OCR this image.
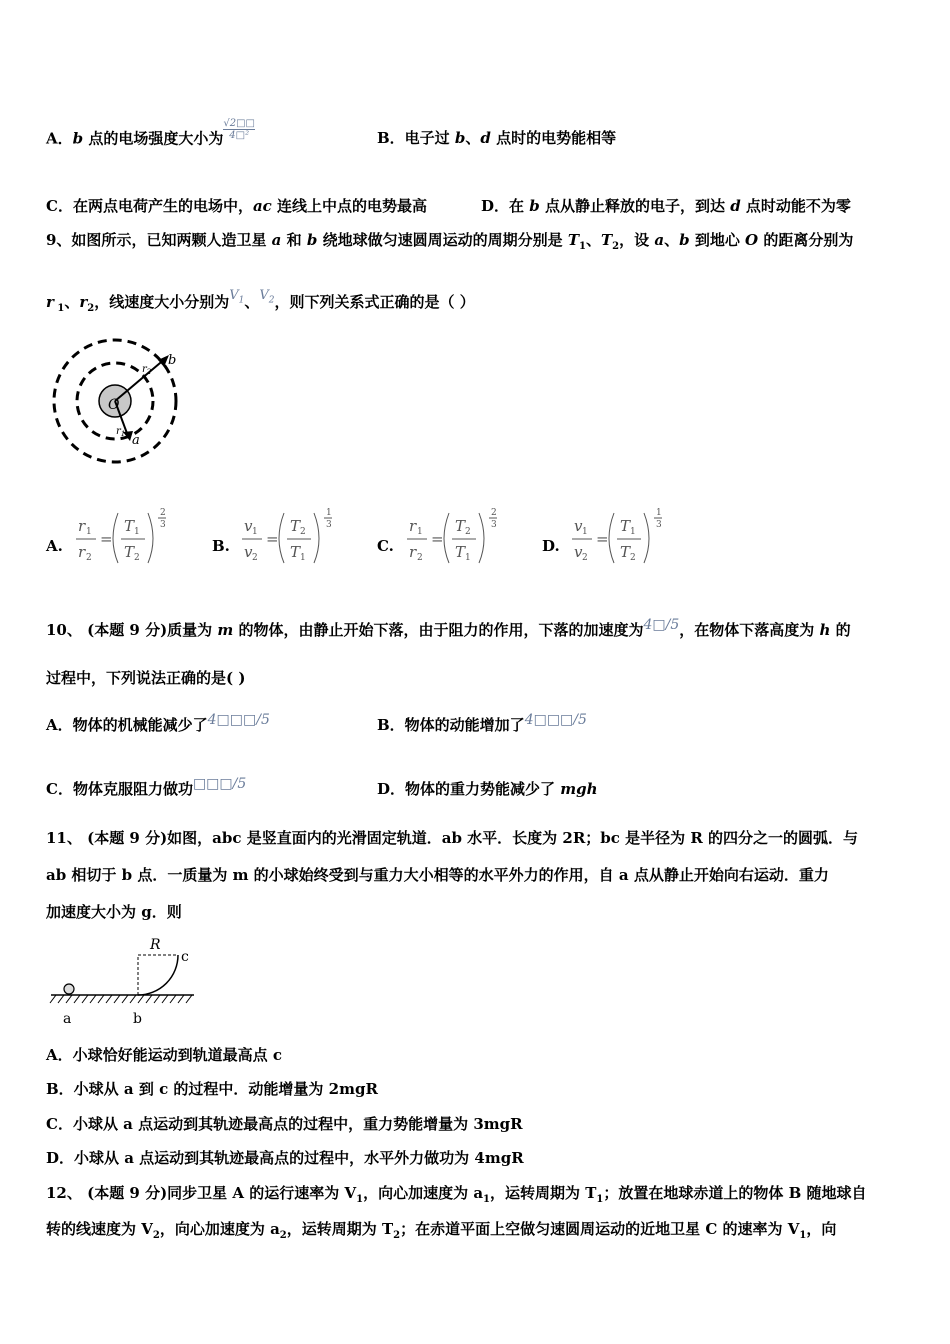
A．b 点的电场强度大小为 $\frac{√2□□}{\text{4□²}}$	B．电子过 b、d 点时的电势能相等
C．在两点电荷产生的电场中，ac 连线上中点的电势最高	D．在 b 点从静止释放的电子，到达 d 点时动能不为零
9、如图所示，已知两颗人造卫星 a 和 b 绕地球做匀速圆周运动的周期分别是 $T_1$、$T_2$，设 a、b 到地心 O 的距离分别为
r $_1$、$r_2$，线速度大小分别为$V_1$、$V_2$，则下列关系式正确的是（ ）
O
b
a
$r_2$
$r_1$
A.
r 1
r 2
=
T 1
T 2
2
3
B.
v 1
v 2
=
T 2
T 1
1
3
C.
r 1
r 2
=
T 2
T 1
2
3
D.
v 1
v 2
=
T 1
T 2
1
3
10、 (本题 9 分)质量为 m 的物体，由静止开始下落，由于阻力的作用，下落的加速度为4□/5，在物体下落高度为 h 的
过程中，下列说法正确的是( )
A．物体的机械能减少了4□□□/5	B．物体的动能增加了4□□□/5
C．物体克服阻力做功□□□/5	D．物体的重力势能减少了 mgh
11、 (本题 9 分)如图，abc 是竖直面内的光滑固定轨道．ab 水平．长度为 2R；bc 是半径为 R 的四分之一的圆弧．与
ab 相切于 b 点．一质量为 m 的小球始终受到与重力大小相等的水平外力的作用，自 a 点从静止开始向右运动．重力
加速度大小为 g．则
R
c
a	b
A．小球恰好能运动到轨道最高点 c
B．小球从 a 到 c 的过程中．动能增量为 2mgR
C．小球从 a 点运动到其轨迹最高点的过程中，重力势能增量为 3mgR
D．小球从 a 点运动到其轨迹最高点的过程中，水平外力做功为 4mgR
12、 (本题 9 分)同步卫星 A 的运行速率为 $V_1$，向心加速度为 $a_1$，运转周期为 $T_1$；放置在地球赤道上的物体 B 随地球自
转的线速度为 $V_2$，向心加速度为 $a_2$，运转周期为 $T_2$；在赤道平面上空做匀速圆周运动的近地卫星 C 的速率为 $V_1$，向
